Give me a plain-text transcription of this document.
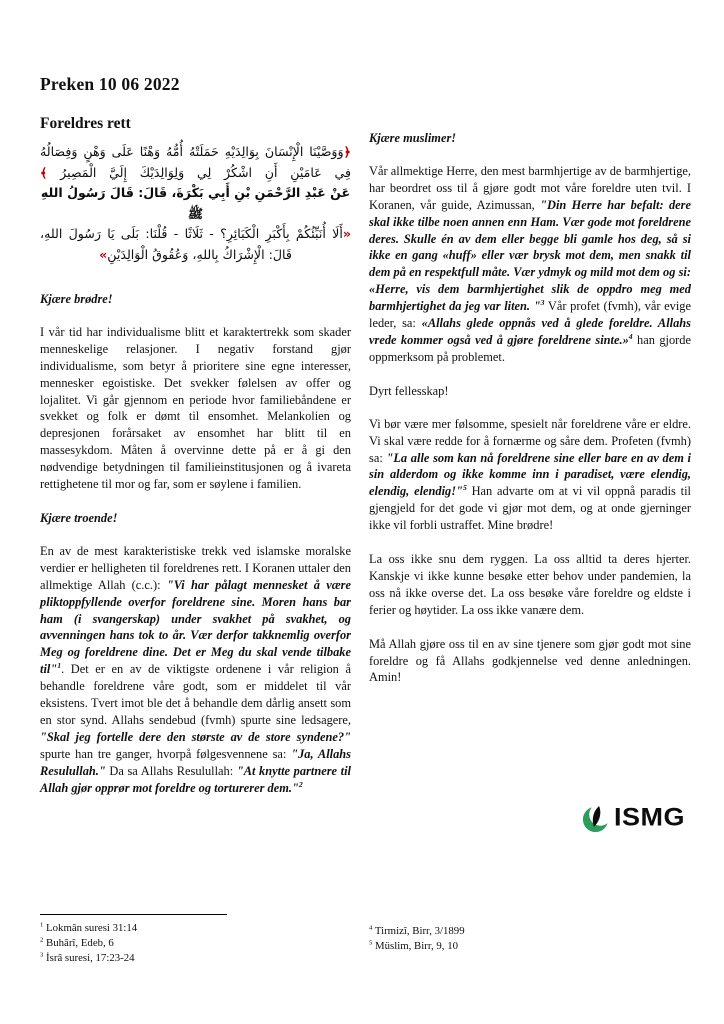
Preken 10 06 2022
Foreldres rett
﴿وَوَصَّيْنَا الْإِنْسَانَ بِوَالِدَيْهِ حَمَلَتْهُ أُمُّهُ وَهْنًا عَلَى وَهْنٍ وَفِصَالُهُ فِي عَامَيْنِ أَنِ اشْكُرْ لِي وَلِوَالِدَيْكَ إِلَيَّ الْمَصِيرُ ﴾
عَنْ عَبْدِ الرَّحْمَنِ بْنِ أَبِي بَكْرَةَ، قَالَ: قَالَ رَسُولُ اللهِ ﷺ
«أَلَا أُنَبِّئُكُمْ بِأَكْبَرِ الْكَبَائِرِ؟ - ثَلَاثًا - قُلْنَا: بَلَى يَا رَسُولَ اللهِ، قَالَ: الْإِشْرَاكُ بِاللهِ، وَعُقُوقُ الْوَالِدَيْنِ»

Kjære brødre!

I vår tid har individualisme blitt et karaktertrekk som skader menneskelige relasjoner. I negativ forstand gjør individualisme, som betyr å prioritere sine egne interesser, mennesker egoistiske. Det svekker følelsen av offer og lojalitet. Vi går gjennom en periode hvor familiebåndene er svekket og folk er dømt til ensomhet. Melankolien og depresjonen forårsaket av ensomhet har blitt til en massesykdom. Måten å overvinne dette på er å gi den nødvendige betydningen til familieinstitusjonen og å ivareta rettighetene til mor og far, som er søylene i familien.

Kjære troende!

En av de mest karakteristiske trekk ved islamske moralske verdier er helligheten til foreldrenes rett. I Koranen uttaler den allmektige Allah (c.c.): "Vi har pålagt mennesket å være pliktoppfyllende overfor foreldrene sine. Moren hans bar ham (i svangerskap) under svakhet på svakhet, og avvenningen hans tok to år. Vær derfor takknemlig overfor Meg og foreldrene dine. Det er Meg du skal vende tilbake til"$^1$. Det er en av de viktigste ordenene i vår religion å behandle foreldrene våre godt, som er middelet til vår eksistens. Tvert imot ble det å behandle dem dårlig ansett som en stor synd. Allahs sendebud (fvmh) spurte sine ledsagere, "Skal jeg fortelle dere den største av de store syndene?" spurte han tre ganger, hvorpå følgesvennene sa: "Ja, Allahs Resulullah." Da sa Allahs Resulullah: "At knytte partnere til Allah gjør opprør mot foreldre og torturerer dem."$^2$

Kjære muslimer!

Vår allmektige Herre, den mest barmhjertige av de barmhjertige, har beordret oss til å gjøre godt mot våre foreldre uten tvil. I Koranen, vår guide, Azimussan, "Din Herre har befalt: dere skal ikke tilbe noen annen enn Ham. Vær gode mot foreldrene deres. Skulle én av dem eller begge bli gamle hos deg, så si ikke en gang «huff» eller vær brysk mot dem, men snakk til dem på en respektfull måte. Vær ydmyk og mild mot dem og si: «Herre, vis dem barmhjertighet slik de oppdro meg med barmhjertighet da jeg var liten. "$^3$ Vår profet (fvmh), vår evige leder, sa: «Allahs glede oppnås ved å glede foreldre. Allahs vrede kommer også ved å gjøre foreldrene sinte.»$^4$ han gjorde oppmerksom på problemet.

Dyrt fellesskap!

Vi bør være mer følsomme, spesielt når foreldrene våre er eldre. Vi skal være redde for å fornærme og såre dem. Profeten (fvmh) sa: "La alle som kan nå foreldrene sine eller bare en av dem i sin alderdom og ikke komme inn i paradiset, være elendig, elendig, elendig!"$^5$ Han advarte om at vi vil oppnå paradis til gjengjeld for det gode vi gjør mot dem, og at onde gjerninger ikke vil forbli ustraffet. Mine brødre!

La oss ikke snu dem ryggen. La oss alltid ta deres hjerter. Kanskje vi ikke kunne besøke etter behov under pandemien, la oss nå ikke overse det. La oss besøke våre foreldre og eldste i ferier og høytider. La oss ikke vanære dem.

Må Allah gjøre oss til en av sine tjenere som gjør godt mot sine foreldre og få Allahs godkjennelse ved denne anledningen. Amin!

$^1$ Lokmân suresi 31:14

$^2$ Buhârî, Edeb, 6

$^3$ İsrâ suresi, 17:23-24

$^4$ Tirmizî, Birr, 3/1899

$^5$ Müslim, Birr, 9, 10

ISMG
